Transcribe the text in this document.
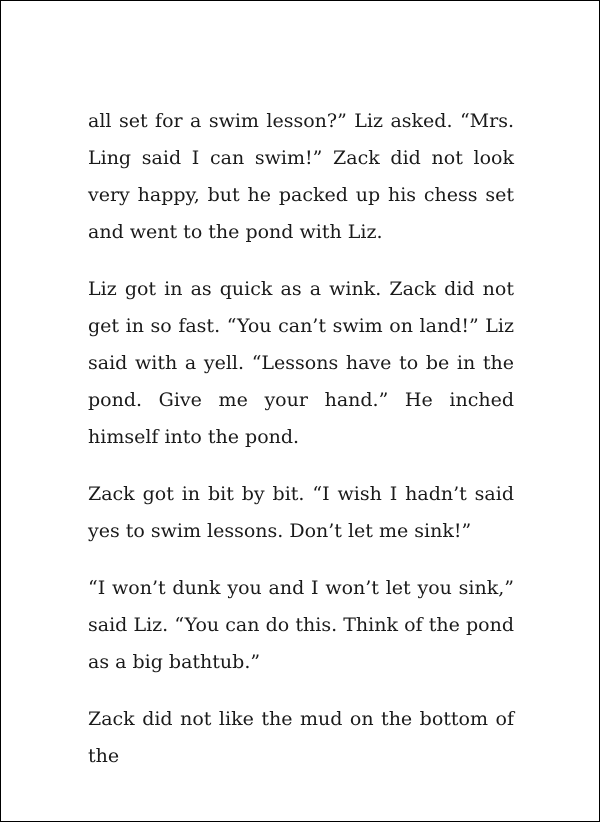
all set for a swim lesson?” Liz asked. “Mrs. Ling said I can swim!” Zack did not look very happy, but he packed up his chess set and went to the pond with Liz.

Liz got in as quick as a wink. Zack did not get in so fast. “You can’t swim on land!” Liz said with a yell. “Lessons have to be in the pond. Give me your hand.” He inched himself into the pond.

Zack got in bit by bit. “I wish I hadn’t said yes to swim lessons. Don’t let me sink!”

“I won’t dunk you and I won’t let you sink,” said Liz. “You can do this. Think of the pond as a big bathtub.”

Zack did not like the mud on the bottom of the
